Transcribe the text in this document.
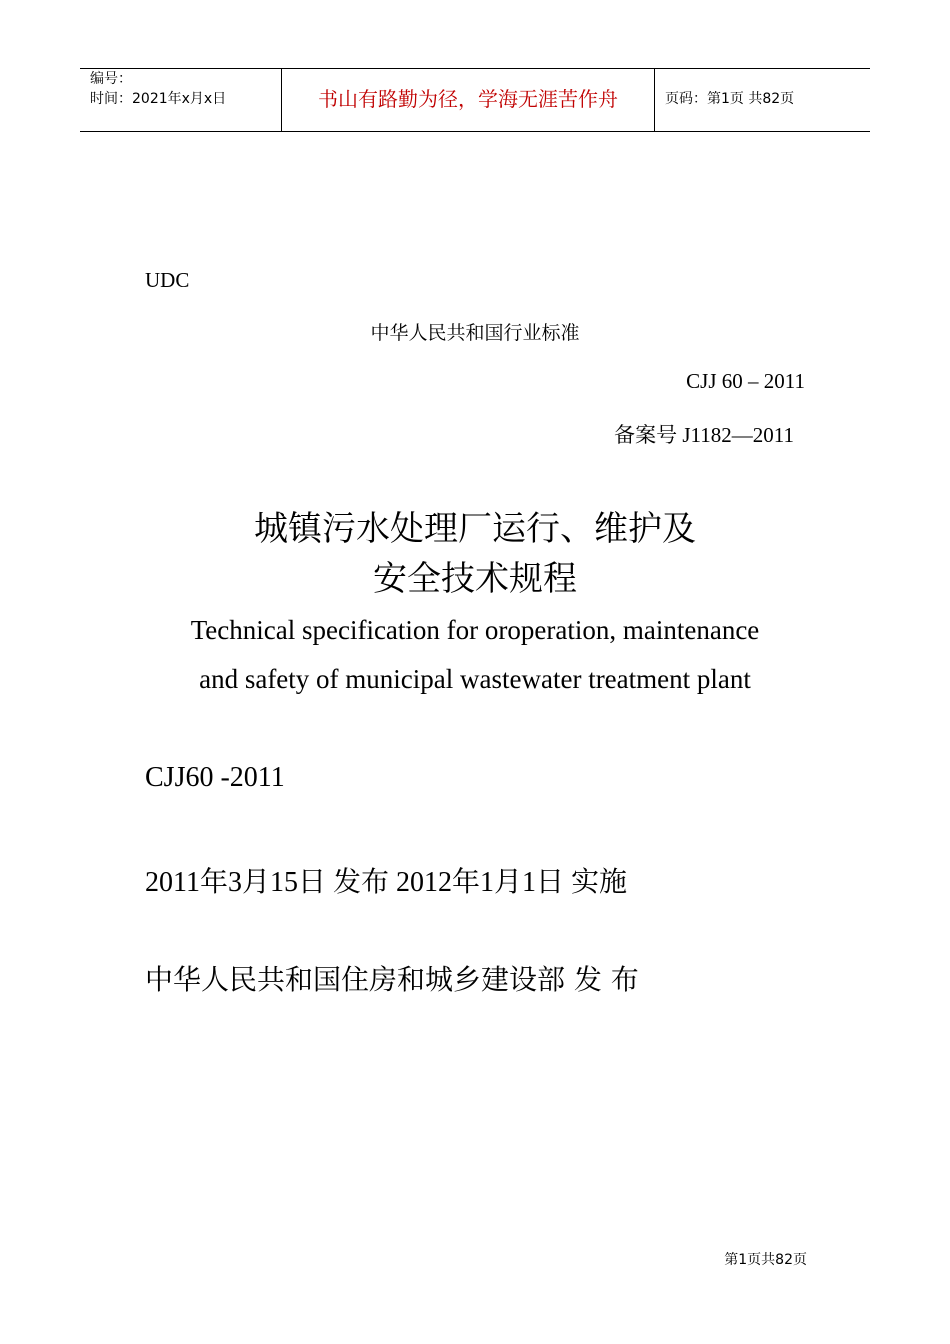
编号：
时间：2021年x月x日	书山有路勤为径，学海无涯苦作舟	页码：第1页 共82页
UDC
中华人民共和国行业标准
CJJ 60 – 2011
备案号 J1182—2011
城镇污水处理厂运行、维护及
安全技术规程
Technical specification for oroperation, maintenance
and safety of municipal wastewater treatment plant
CJJ60 -2011
2011年3月15日 发布 2012年1月1日 实施
中华人民共和国住房和城乡建设部 发 布
第1页共82页
